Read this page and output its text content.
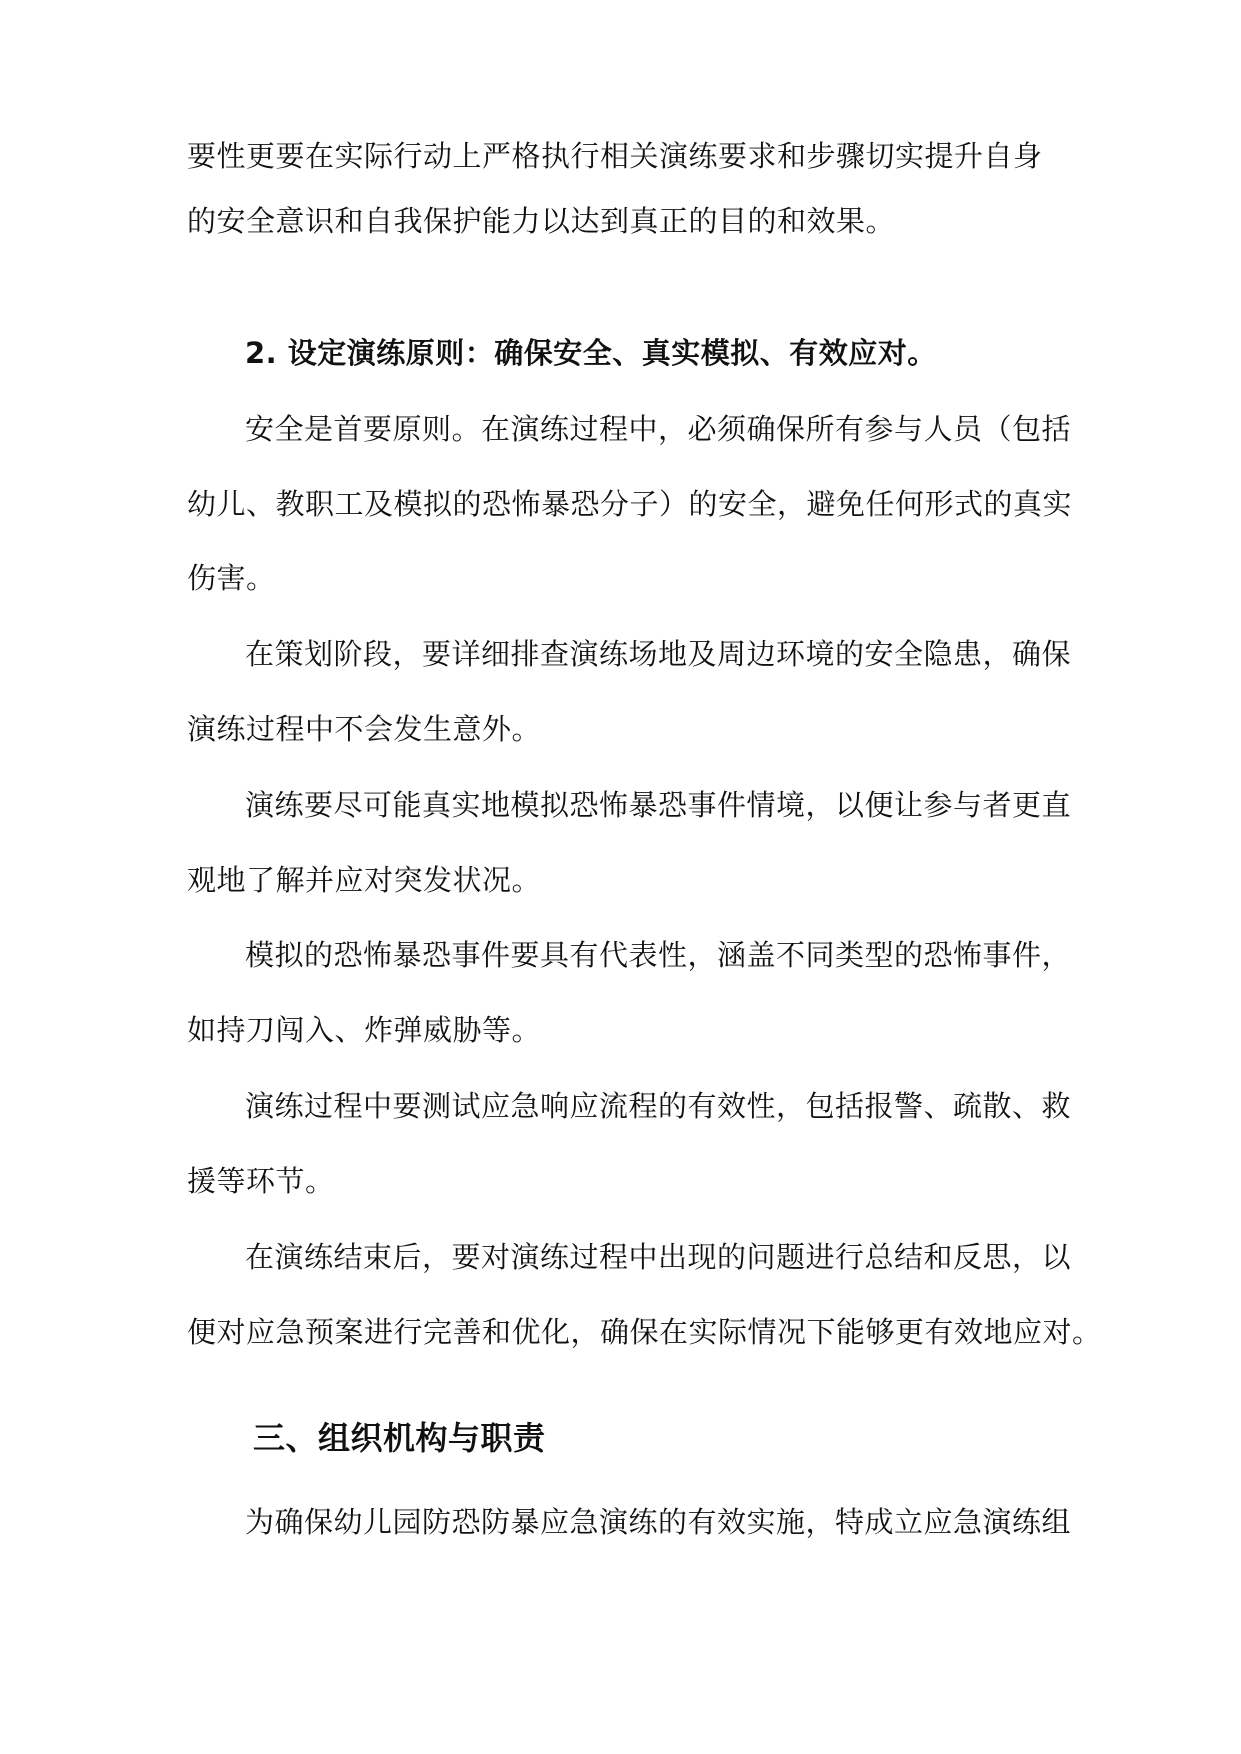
要性更要在实际行动上严格执行相关演练要求和步骤切实提升自身
的安全意识和自我保护能力以达到真正的目的和效果。
2. 设定演练原则：确保安全、真实模拟、有效应对。
安全是首要原则。在演练过程中，必须确保所有参与人员（包括
幼儿、教职工及模拟的恐怖暴恐分子）的安全，避免任何形式的真实
伤害。
在策划阶段，要详细排查演练场地及周边环境的安全隐患，确保
演练过程中不会发生意外。
演练要尽可能真实地模拟恐怖暴恐事件情境，以便让参与者更直
观地了解并应对突发状况。
模拟的恐怖暴恐事件要具有代表性，涵盖不同类型的恐怖事件，
如持刀闯入、炸弹威胁等。
演练过程中要测试应急响应流程的有效性，包括报警、疏散、救
援等环节。
在演练结束后，要对演练过程中出现的问题进行总结和反思，以
便对应急预案进行完善和优化，确保在实际情况下能够更有效地应对。
三、组织机构与职责
为确保幼儿园防恐防暴应急演练的有效实施，特成立应急演练组
